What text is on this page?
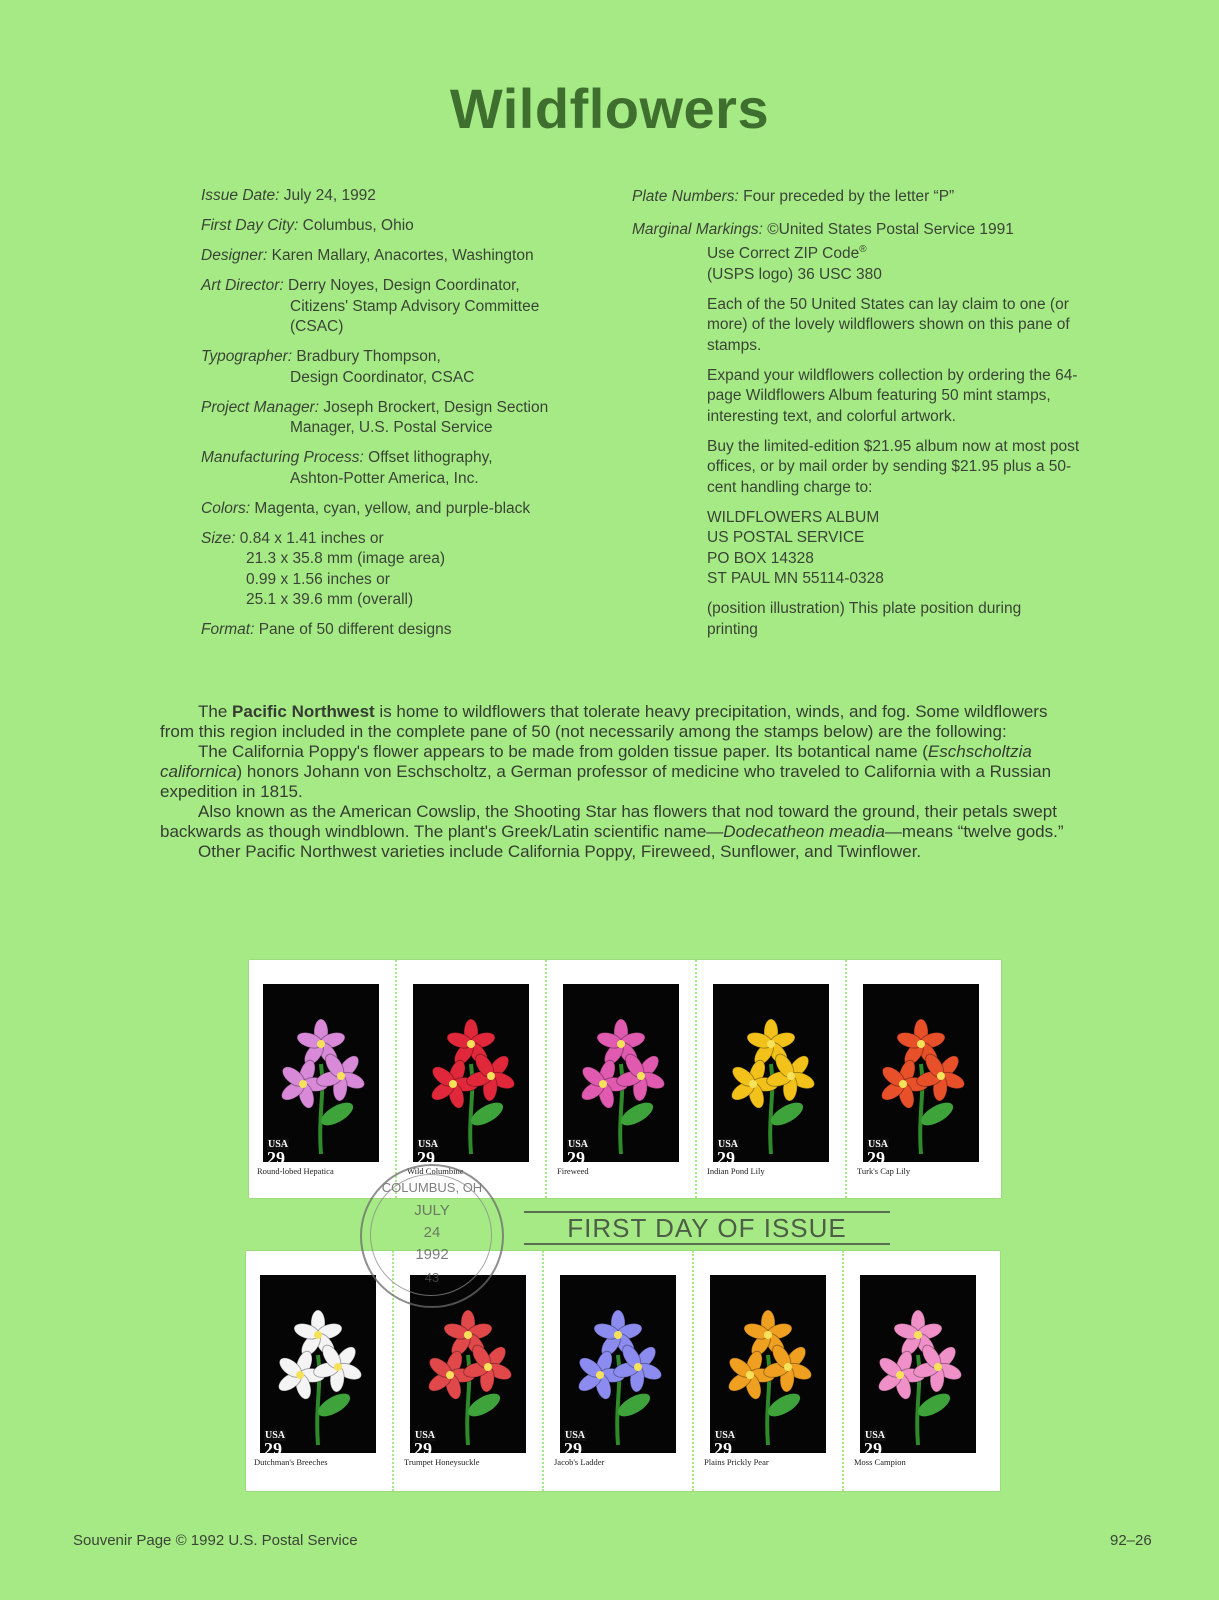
Wildflowers
Issue Date: July 24, 1992
First Day City: Columbus, Ohio
Designer: Karen Mallary, Anacortes, Washington
Art Director: Derry Noyes, Design Coordinator,
Citizens' Stamp Advisory Committee
(CSAC)
Typographer: Bradbury Thompson,
Design Coordinator, CSAC
Project Manager: Joseph Brockert, Design Section
Manager, U.S. Postal Service
Manufacturing Process: Offset lithography,
Ashton-Potter America, Inc.
Colors: Magenta, cyan, yellow, and purple-black
Size: 0.84 x 1.41 inches or
21.3 x 35.8 mm (image area)
0.99 x 1.56 inches or
25.1 x 39.6 mm (overall)
Format: Pane of 50 different designs
Plate Numbers: Four preceded by the letter “P”
Marginal Markings: ©United States Postal Service 1991
Use Correct ZIP Code®
(USPS logo) 36 USC 380
Each of the 50 United States can lay claim to one (or more) of the lovely wildflowers shown on this pane of stamps.
Expand your wildflowers collection by ordering the 64-page Wildflowers Album featuring 50 mint stamps, interesting text, and colorful artwork.
Buy the limited-edition $21.95 album now at most post offices, or by mail order by sending $21.95 plus a 50-cent handling charge to:
WILDFLOWERS ALBUM
US POSTAL SERVICE
PO BOX 14328
ST PAUL MN 55114-0328
(position illustration) This plate position during printing

The Pacific Northwest is home to wildflowers that tolerate heavy precipitation, winds, and fog. Some wildflowers from this region included in the complete pane of 50 (not necessarily among the stamps below) are the following:

The California Poppy's flower appears to be made from golden tissue paper. Its botantical name (Eschscholtzia californica) honors Johann von Eschscholtz, a German professor of medicine who traveled to California with a Russian expedition in 1815.

Also known as the American Cowslip, the Shooting Star has flowers that nod toward the ground, their petals swept backwards as though windblown. The plant's Greek/Latin scientific name—Dodecatheon meadia—means “twelve gods.”

Other Pacific Northwest varieties include California Poppy, Fireweed, Sunflower, and Twinflower.

USA
29
Round-lobed Hepatica
USA
29
Wild Columbine
USA
29
Fireweed
USA
29
Indian Pond Lily
USA
29
Turk's Cap Lily
USA
29
Dutchman's Breeches
USA
29
Trumpet Honeysuckle
USA
29
Jacob's Ladder
USA
29
Plains Prickly Pear
USA
29
Moss Campion
FIRST DAY OF ISSUE
COLUMBUS, OH
JULY
24
1992
43
Souvenir Page © 1992 U.S. Postal Service	92–26
